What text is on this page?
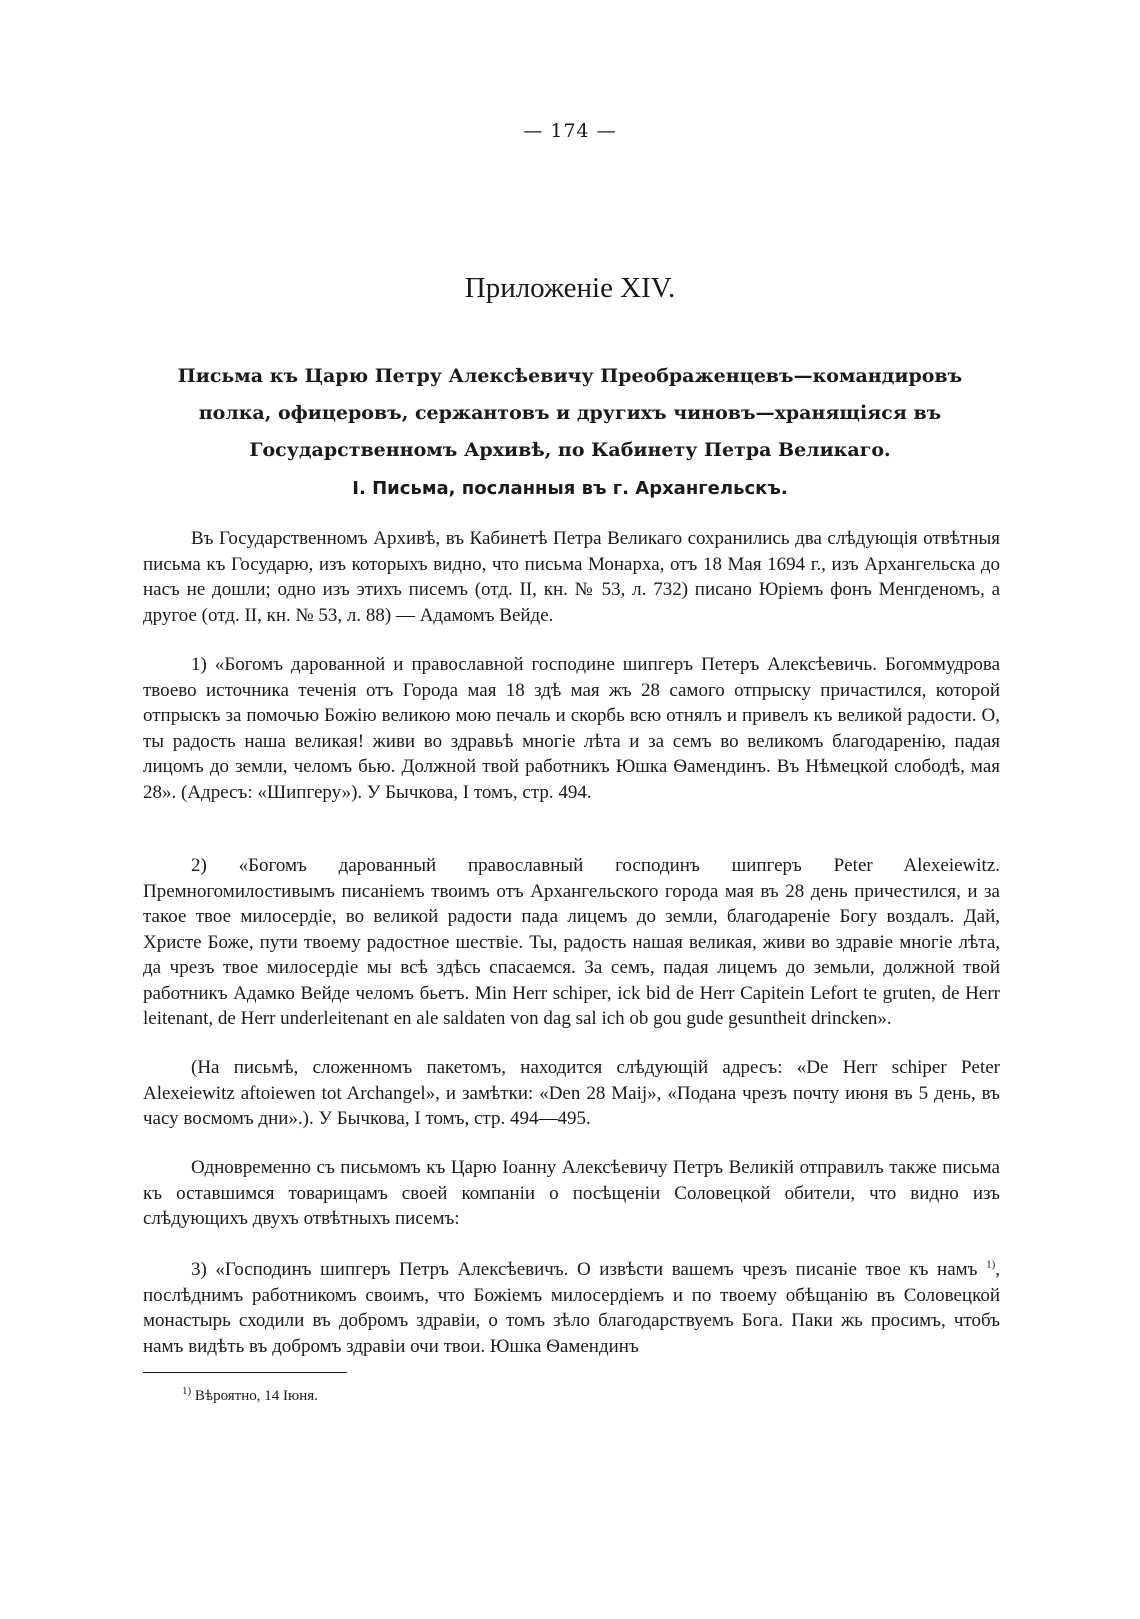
— 174 —
Приложенiе XIV.
Письма къ Царю Петру Алексѣевичу Преображенцевъ—командировъ полка, офицеровъ, сержантовъ и другихъ чиновъ—хранящiяся въ Государственномъ Архивѣ, по Кабинету Петра Великаго.
I. Письма, посланныя въ г. Архангельскъ.

Въ Государственномъ Архивѣ, въ Кабинетѣ Петра Великаго сохранились два слѣдующiя отвѣтныя письма къ Государю, изъ которыхъ видно, что письма Монарха, отъ 18 Мая 1694 г., изъ Архангельска до насъ не дошли; одно изъ этихъ писемъ (отд. II, кн. № 53, л. 732) писано Юрiемъ фонъ Менгденомъ, а другое (отд. II, кн. № 53, л. 88) — Адамомъ Вейде.

1) «Богомъ дарованной и православной господине шипгеръ Петеръ Алексѣевичь. Богоммудрова твоево источника теченiя отъ Города мая 18 здѣ мая жъ 28 самого отпрыску причастился, которой отпрыскъ за помочью Божiю великою мою печаль и скорбь всю отнялъ и привелъ къ великой радости. О, ты радость наша великая! живи во здравьѣ многiе лѣта и за семъ во великомъ благодаренiю, падая лицомъ до земли, челомъ бью. Должной твой работникъ Юшка Ѳамендинъ. Въ Нѣмецкой слободѣ, мая 28». (Адресъ: «Шипгеру»). У Бычкова, I томъ, стр. 494.

2) «Богомъ дарованный православный господинъ шипгеръ Peter Alexeiewitz. Премногомилостивымъ писанiемъ твоимъ отъ Архангельского города мая въ 28 день причестился, и за такое твое милосердiе, во великой радости пада лицемъ до земли, благодаренiе Богу воздалъ. Дай, Христе Боже, пути твоему радостное шествiе. Ты, радость нашая великая, живи во здравiе многiе лѣта, да чрезъ твое милосердiе мы всѣ здѣсь спасаемся. За семъ, падая лицемъ до земьли, должной твой работникъ Адамко Вейде челомъ бьетъ. Min Herr schiper, ick bid de Herr Capitein Lefort te gruten, de Herr leitenant, de Herr underleitenant en ale saldaten von dag sal ich ob gou gude gesuntheit drincken».

(На письмѣ, сложенномъ пакетомъ, находится слѣдующiй адресъ: «De Herr schiper Peter Alexeiewitz aftoiewen tot Archangel», и замѣтки: «Den 28 Maij», «Подана чрезъ почту июня въ 5 день, въ часу восмомъ дни».). У Бычкова, I томъ, стр. 494—495.

Одновременно съ письмомъ къ Царю Iоанну Алексѣевичу Петръ Великiй отправилъ также письма къ оставшимся товарищамъ своей компанiи о посѣщенiи Соловецкой обители, что видно изъ слѣдующихъ двухъ отвѣтныхъ писемъ:

3) «Господинъ шипгеръ Петръ Алексѣевичъ. О извѣсти вашемъ чрезъ писанiе твое къ намъ $^{1)}$, послѣднимъ работникомъ своимъ, что Божiемъ милосердiемъ и по твоему обѣщанiю въ Соловецкой монастырь сходили въ добромъ здравiи, о томъ зѣло благодарствуемъ Бога. Паки жь просимъ, чтобъ намъ видѣть въ добромъ здравiи очи твои. Юшка Ѳамендинъ

$^{1)}$ Вѣроятно, 14 Iюня.
